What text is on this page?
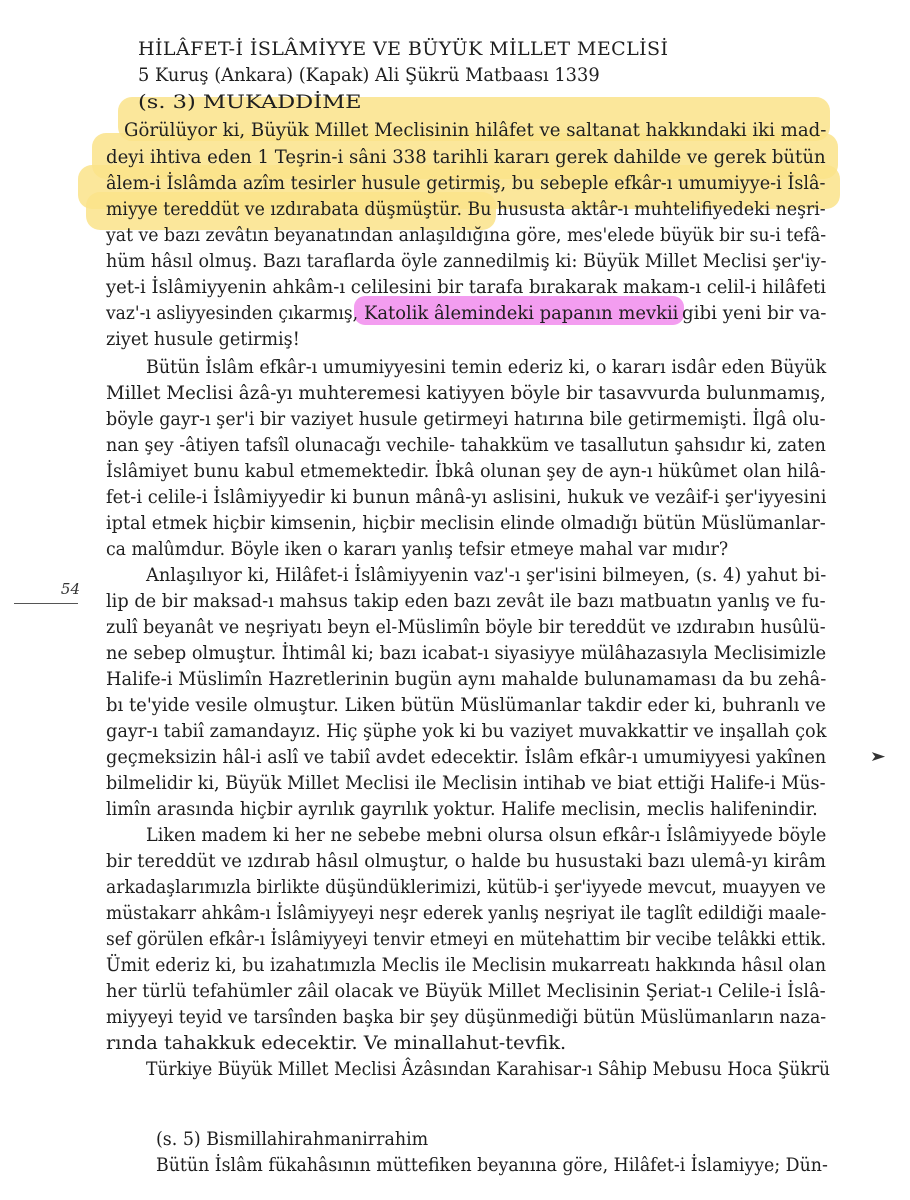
HİLÂFET-İ İSLÂMİYYE VE BÜYÜK MİLLET MECLİSİ
5 Kuruş (Ankara) (Kapak) Ali Şükrü Matbaası 1339
(s. 3) MUKADDİME
Görülüyor ki, Büyük Millet Meclisinin hilâfet ve saltanat hakkındaki iki mad-
deyi ihtiva eden 1 Teşrin-i sâni 338 tarihli kararı gerek dahilde ve gerek bütün
âlem-i İslâmda azîm tesirler husule getirmiş, bu sebeple efkâr-ı umumiyye-i İslâ-
miyye tereddüt ve ızdırabata düşmüştür. Bu hususta aktâr-ı muhtelifiyedeki neşri-
yat ve bazı zevâtın beyanatından anlaşıldığına göre, mes'elede büyük bir su-i tefâ-
hüm hâsıl olmuş. Bazı taraflarda öyle zannedilmiş ki: Büyük Millet Meclisi şer'iy-
yet-i İslâmiyyenin ahkâm-ı celilesini bir tarafa bırakarak makam-ı celil-i hilâfeti
vaz'-ı asliyyesinden çıkarmış, Katolik âlemindeki papanın mevkii gibi yeni bir va-
ziyet husule getirmiş!
Bütün İslâm efkâr-ı umumiyyesini temin ederiz ki, o kararı isdâr eden Büyük
Millet Meclisi âzâ-yı muhteremesi katiyyen böyle bir tasavvurda bulunmamış,
böyle gayr-ı şer'i bir vaziyet husule getirmeyi hatırına bile getirmemişti. İlgâ olu-
nan şey -âtiyen tafsîl olunacağı vechile- tahakküm ve tasallutun şahsıdır ki, zaten
İslâmiyet bunu kabul etmemektedir. İbkâ olunan şey de ayn-ı hükûmet olan hilâ-
fet-i celile-i İslâmiyyedir ki bunun mânâ-yı aslisini, hukuk ve vezâif-i şer'iyyesini
iptal etmek hiçbir kimsenin, hiçbir meclisin elinde olmadığı bütün Müslümanlar-
ca malûmdur. Böyle iken o kararı yanlış tefsir etmeye mahal var mıdır?
Anlaşılıyor ki, Hilâfet-i İslâmiyyenin vaz'-ı şer'isini bilmeyen, (s. 4) yahut bi-
lip de bir maksad-ı mahsus takip eden bazı zevât ile bazı matbuatın yanlış ve fu-
zulî beyanât ve neşriyatı beyn el-Müslimîn böyle bir tereddüt ve ızdırabın husûlü-
ne sebep olmuştur. İhtimâl ki; bazı icabat-ı siyasiyye mülâhazasıyla Meclisimizle
Halife-i Müslimîn Hazretlerinin bugün aynı mahalde bulunamaması da bu zehâ-
bı te'yide vesile olmuştur. Liken bütün Müslümanlar takdir eder ki, buhranlı ve
gayr-ı tabiî zamandayız. Hiç şüphe yok ki bu vaziyet muvakkattir ve inşallah çok
geçmeksizin hâl-i aslî ve tabiî avdet edecektir. İslâm efkâr-ı umumiyyesi yakînen
bilmelidir ki, Büyük Millet Meclisi ile Meclisin intihab ve biat ettiği Halife-i Müs-
limîn arasında hiçbir ayrılık gayrılık yoktur. Halife meclisin, meclis halifenindir.
Liken madem ki her ne sebebe mebni olursa olsun efkâr-ı İslâmiyyede böyle
bir tereddüt ve ızdırab hâsıl olmuştur, o halde bu husustaki bazı ulemâ-yı kirâm
arkadaşlarımızla birlikte düşündüklerimizi, kütüb-i şer'iyyede mevcut, muayyen ve
müstakarr ahkâm-ı İslâmiyyeyi neşr ederek yanlış neşriyat ile taglît edildiği maale-
sef görülen efkâr-ı İslâmiyyeyi tenvir etmeyi en mütehattim bir vecibe telâkki ettik.
Ümit ederiz ki, bu izahatımızla Meclis ile Meclisin mukarreatı hakkında hâsıl olan
her türlü tefahümler zâil olacak ve Büyük Millet Meclisinin Şeriat-ı Celile-i İslâ-
miyyeyi teyid ve tarsînden başka bir şey düşünmediği bütün Müslümanların naza-
rında tahakkuk edecektir. Ve minallahut-tevfik.
Türkiye Büyük Millet Meclisi Âzâsından Karahisar-ı Sâhip Mebusu Hoca Şükrü
(s. 5) Bismillahirahmanirrahim
Bütün İslâm fükahâsının müttefiken beyanına göre, Hilâfet-i İslamiyye; Dün-
54
➤
